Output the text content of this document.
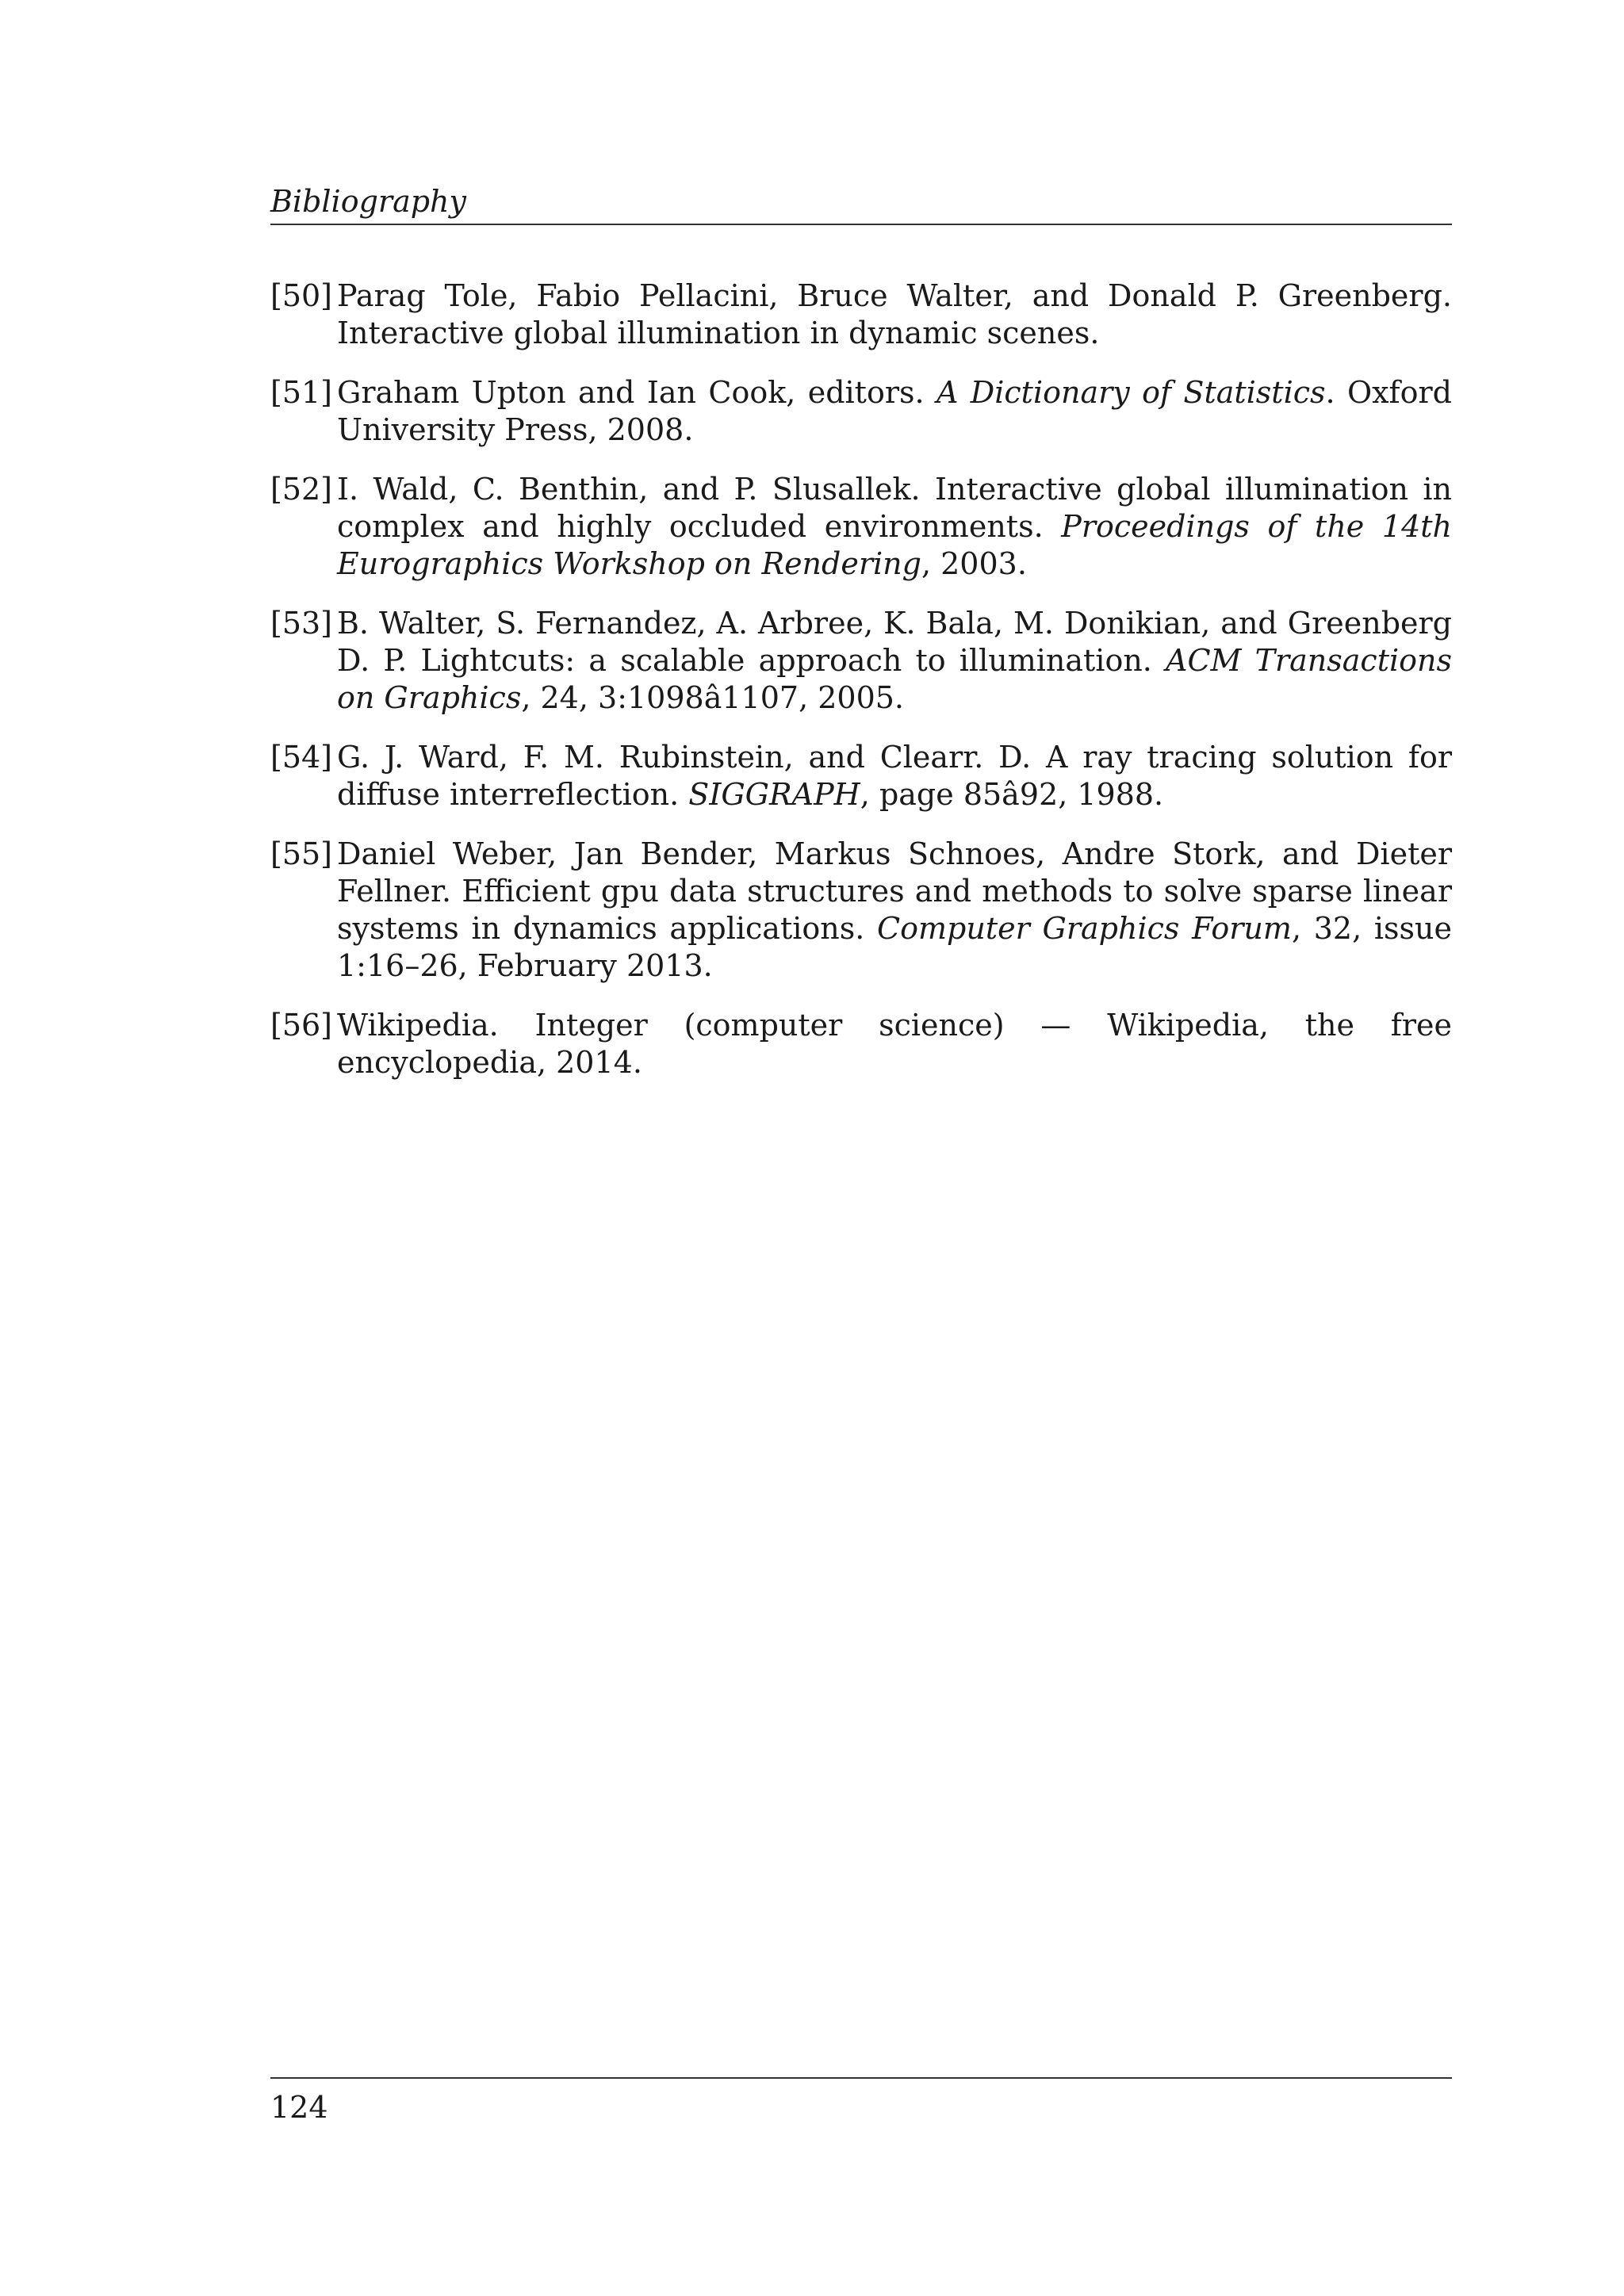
Bibliography
[50] Parag Tole, Fabio Pellacini, Bruce Walter, and Donald P. Greenberg. Interactive global illumination in dynamic scenes.
[51] Graham Upton and Ian Cook, editors. A Dictionary of Statistics. Oxford University Press, 2008.
[52] I. Wald, C. Benthin, and P. Slusallek. Interactive global illumination in complex and highly occluded environments. Proceedings of the 14th Eurographics Workshop on Rendering, 2003.
[53] B. Walter, S. Fernandez, A. Arbree, K. Bala, M. Donikian, and Greenberg D. P. Lightcuts: a scalable approach to illumination. ACM Transactions on Graphics, 24, 3:1098â1107, 2005.
[54] G. J. Ward, F. M. Rubinstein, and Clearr. D. A ray tracing solution for diffuse interreflection. SIGGRAPH, page 85â92, 1988.
[55] Daniel Weber, Jan Bender, Markus Schnoes, Andre Stork, and Dieter Fellner. Efficient gpu data structures and methods to solve sparse linear systems in dynamics applications. Computer Graphics Forum, 32, issue 1:16–26, February 2013.
[56] Wikipedia. Integer (computer science) — Wikipedia, the free encyclopedia, 2014.
124
